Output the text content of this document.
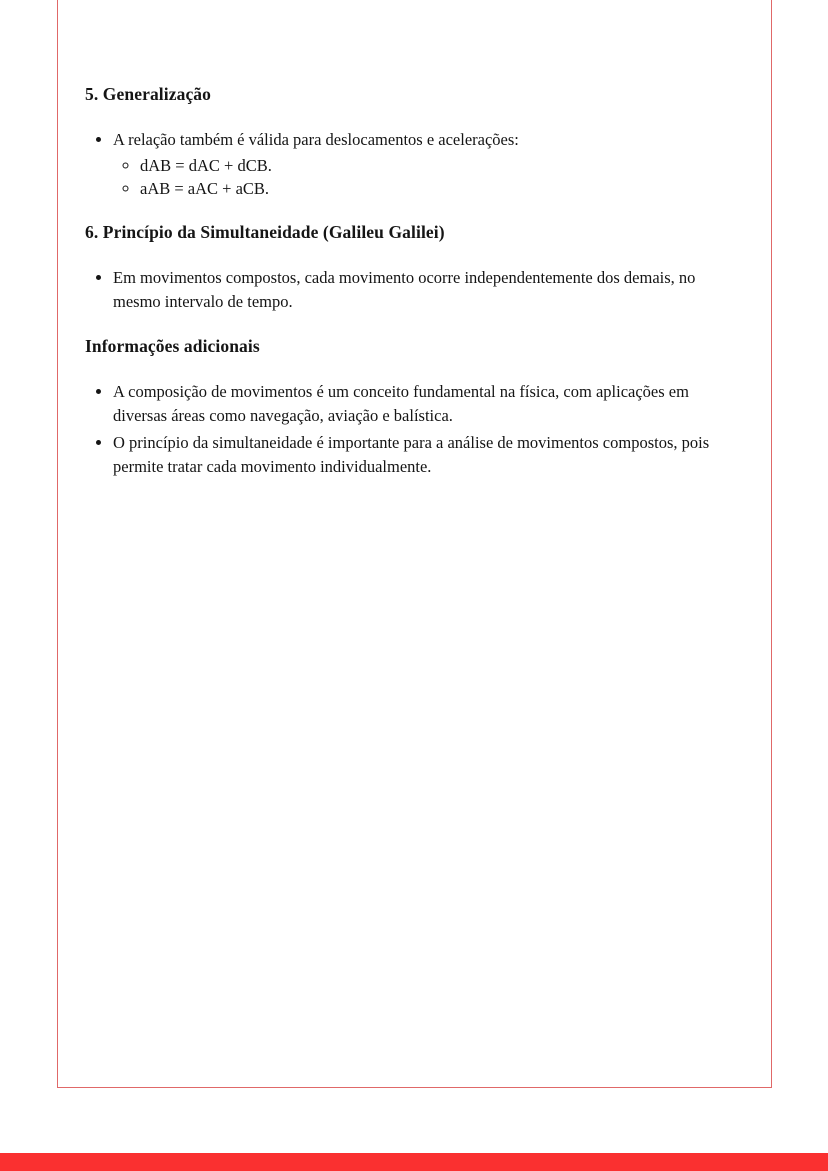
5. Generalização
• A relação também é válida para deslocamentos e acelerações:
◦ dAB = dAC + dCB.
◦ aAB = aAC + aCB.
6. Princípio da Simultaneidade (Galileu Galilei)
• Em movimentos compostos, cada movimento ocorre independentemente dos demais, no mesmo intervalo de tempo.
Informações adicionais
• A composição de movimentos é um conceito fundamental na física, com aplicações em diversas áreas como navegação, aviação e balística.
• O princípio da simultaneidade é importante para a análise de movimentos compostos, pois permite tratar cada movimento individualmente.
